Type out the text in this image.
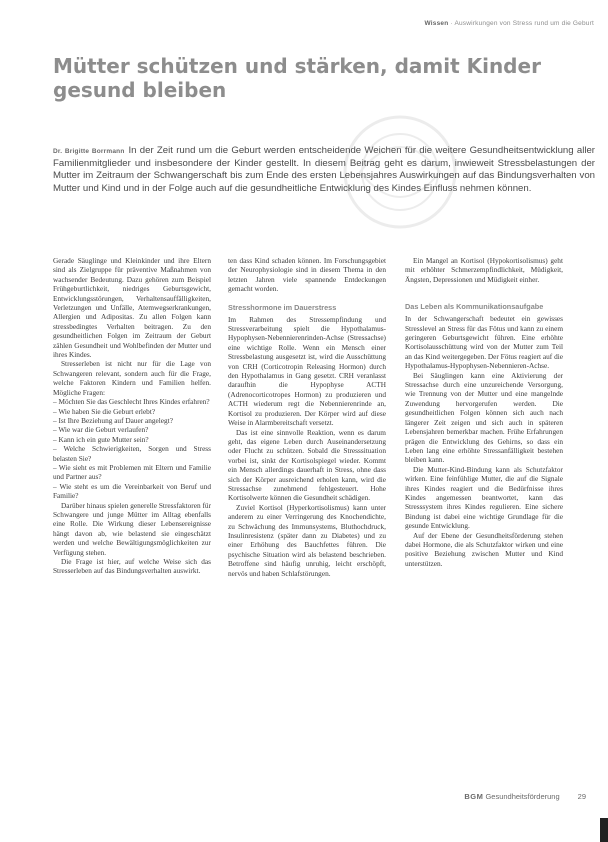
Wissen · Auswirkungen von Stress rund um die Geburt
Mütter schützen und stärken, damit Kinder gesund bleiben

Dr. Brigitte Borrmann In der Zeit rund um die Geburt werden entscheidende Weichen für die weitere Gesundheitsentwicklung aller Familienmitglieder und insbesondere der Kinder gestellt. In diesem Beitrag geht es darum, inwieweit Stressbelastungen der Mutter im Zeitraum der Schwangerschaft bis zum Ende des ersten Lebensjahres Auswirkungen auf das Bindungsverhalten von Mutter und Kind und in der Folge auch auf die gesundheitliche Entwicklung des Kindes Einfluss nehmen können.

Gerade Säuglinge und Kleinkinder und ihre Eltern sind als Zielgruppe für präventive Maßnahmen von wachsender Bedeutung. Dazu gehören zum Beispiel Frühgeburtlichkeit, niedriges Geburtsgewicht, Entwicklungsstörungen, Verhaltensauffälligkeiten, Verletzungen und Unfälle, Atemwegserkrankungen, Allergien und Adipositas. Zu allen Folgen kann stressbedingtes Verhalten beitragen. Zu den gesundheitlichen Folgen im Zeitraum der Geburt zählen Gesundheit und Wohlbefinden der Mutter und ihres Kindes.

Stresserleben ist nicht nur für die Lage von Schwangeren relevant, sondern auch für die Frage, welche Faktoren Kindern und Familien helfen. Mögliche Fragen:

– Möchten Sie das Geschlecht Ihres Kindes erfahren?
– Wie haben Sie die Geburt erlebt?
– Ist Ihre Beziehung auf Dauer angelegt?
– Wie war die Geburt verlaufen?
– Kann ich ein gute Mutter sein?
– Welche Schwierigkeiten, Sorgen und Stress belasten Sie?
– Wie sieht es mit Problemen mit Eltern und Familie und Partner aus?
– Wie steht es um die Vereinbarkeit von Beruf und Familie?

Darüber hinaus spielen generelle Stressfaktoren für Schwangere und junge Mütter im Alltag ebenfalls eine Rolle. Die Wirkung dieser Lebensereignisse hängt davon ab, wie belastend sie eingeschätzt werden und welche Bewältigungsmöglichkeiten zur Verfügung stehen.

Die Frage ist hier, auf welche Weise sich das Stresserleben auf das Bindungsverhalten auswirkt.

ten dass Kind schaden können. Im Forschungsgebiet der Neurophysiologie sind in diesem Thema in den letzten Jahren viele spannende Entdeckungen gemacht worden.

Stresshormone im Dauerstress

Im Rahmen des Stressempfindung und Stressverarbeitung spielt die Hypothalamus-Hypophysen-Nebennierenrinden-Achse (Stressachse) eine wichtige Rolle. Wenn ein Mensch einer Stressbelastung ausgesetzt ist, wird die Ausschüttung von CRH (Corticotropin Releasing Hormon) durch den Hypothalamus in Gang gesetzt. CRH veranlasst daraufhin die Hypophyse ACTH (Adrenocorticotropes Hormon) zu produzieren und ACTH wiederum regt die Nebennierenrinde an, Kortisol zu produzieren. Der Körper wird auf diese Weise in Alarmbereitschaft versetzt.

Das ist eine sinnvolle Reaktion, wenn es darum geht, das eigene Leben durch Auseinandersetzung oder Flucht zu schützen. Sobald die Stresssituation vorbei ist, sinkt der Kortisolspiegel wieder. Kommt ein Mensch allerdings dauerhaft in Stress, ohne dass sich der Körper ausreichend erholen kann, wird die Stressachse zunehmend fehlgesteuert. Hohe Kortisolwerte können die Gesundheit schädigen.

Zuviel Kortisol (Hyperkortisolismus) kann unter anderem zu einer Verringerung des Knochendichte, zu Schwächung des Immunsystems, Bluthochdruck, Insulinresistenz (später dann zu Diabetes) und zu einer Erhöhung des Bauchfettes führen. Die psychische Situation wird als belastend beschrieben. Betroffene sind häufig unruhig, leicht erschöpft, nervös und haben Schlafstörungen.

Ein Mangel an Kortisol (Hypokortisolismus) geht mit erhöhter Schmerzempfindlichkeit, Müdigkeit, Ängsten, Depressionen und Müdigkeit einher.

Das Leben als Kommunikationsaufgabe

In der Schwangerschaft bedeutet ein gewisses Stresslevel an Stress für das Fötus und kann zu einem geringeren Geburtsgewicht führen. Eine erhöhte Kortisolausschüttung wird von der Mutter zum Teil an das Kind weitergegeben. Der Fötus reagiert auf die Hypothalamus-Hypophysen-Nebennieren-Achse.

Bei Säuglingen kann eine Aktivierung der Stressachse durch eine unzureichende Versorgung, wie Trennung von der Mutter und eine mangelnde Zuwendung hervorgerufen werden. Die gesundheitlichen Folgen können sich auch nach längerer Zeit zeigen und sich auch in späteren Lebensjahren bemerkbar machen. Frühe Erfahrungen prägen die Entwicklung des Gehirns, so dass ein Leben lang eine erhöhte Stressanfälligkeit bestehen bleiben kann.

Die Mutter-Kind-Bindung kann als Schutzfaktor wirken. Eine feinfühlige Mutter, die auf die Signale ihres Kindes reagiert und die Bedürfnisse ihres Kindes angemessen beantwortet, kann das Stresssystem ihres Kindes regulieren. Eine sichere Bindung ist dabei eine wichtige Grundlage für die gesunde Entwicklung.

Auf der Ebene der Gesundheitsförderung stehen dabei Hormone, die als Schutzfaktor wirken und eine positive Beziehung zwischen Mutter und Kind unterstützen.

BGM Gesundheitsförderung 29
